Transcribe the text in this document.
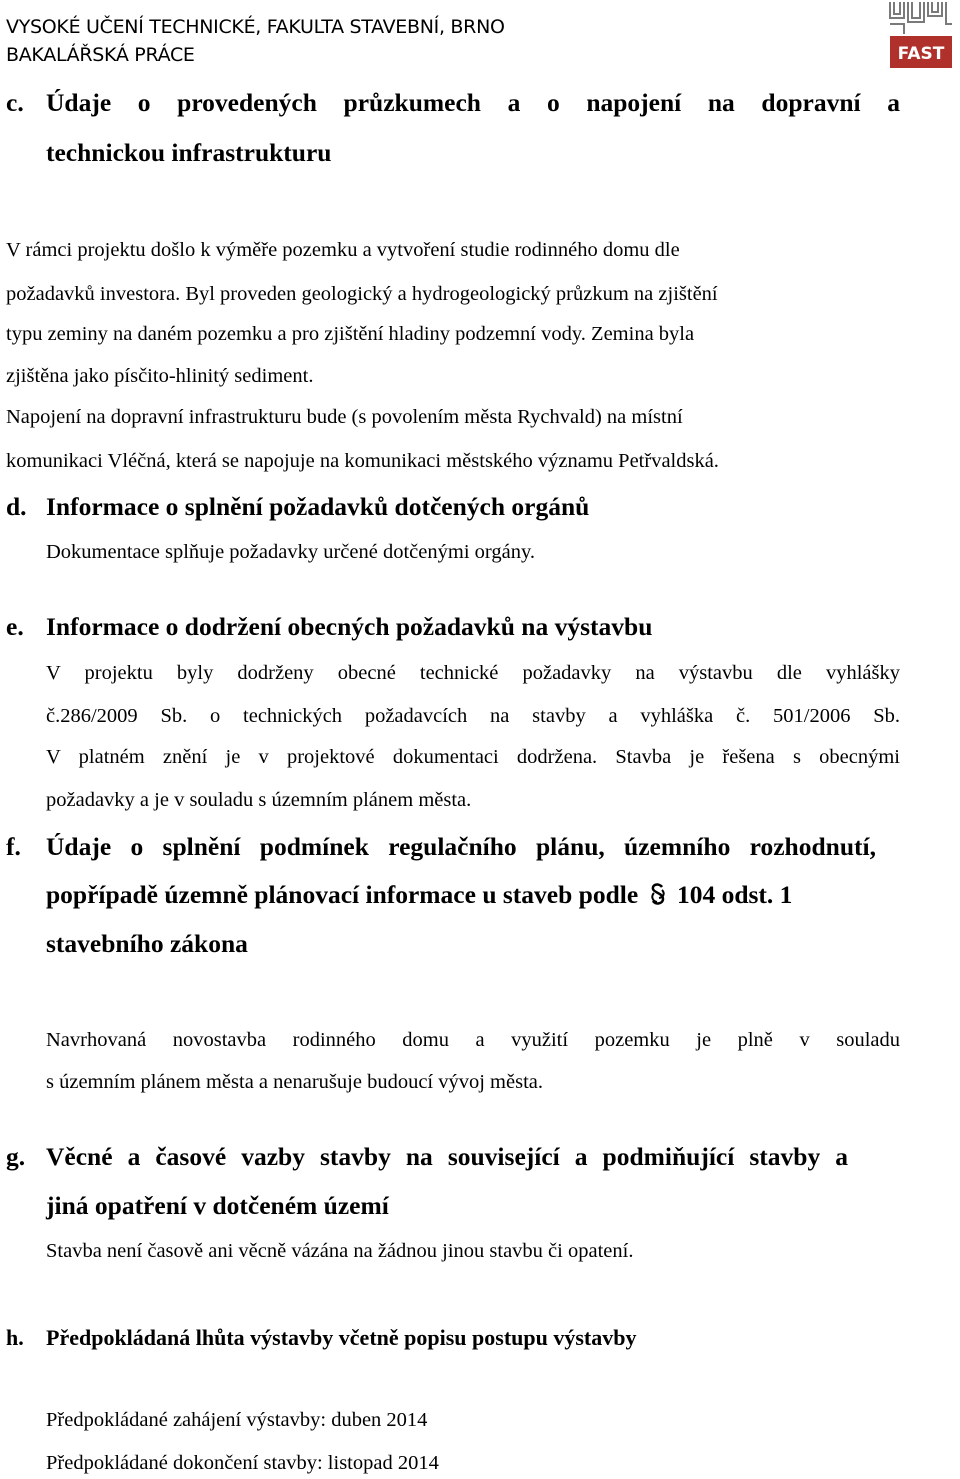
VYSOKÉ UČENÍ TECHNICKÉ, FAKULTA STAVEBNÍ, BRNO
BAKALÁŘSKÁ PRÁCE	FAST
c. Údaje o provedených průzkumech a o napojení na dopravní a
technickou infrastrukturu
V rámci projektu došlo k výměře pozemku a vytvoření studie rodinného domu dle
požadavků investora. Byl proveden geologický a hydrogeologický průzkum na zjištění
typu zeminy na daném pozemku a pro zjištění hladiny podzemní vody. Zemina byla
zjištěna jako písčito-hlinitý sediment.
Napojení na dopravní infrastrukturu bude (s povolením města Rychvald) na místní
komunikaci Vléčná, která se napojuje na komunikaci městského významu Petřvaldská.
d. Informace o splnění požadavků dotčených orgánů
Dokumentace splňuje požadavky určené dotčenými orgány.
e. Informace o dodržení obecných požadavků na výstavbu
V projektu byly dodrženy obecné technické požadavky na výstavbu dle vyhlášky
č.286/2009 Sb. o technických požadavcích na stavby a vyhláška č. 501/2006 Sb.
V platném znění je v projektové dokumentaci dodržena. Stavba je řešena s obecnými
požadavky a je v souladu s územním plánem města.
f. Údaje o splnění podmínek regulačního plánu, územního rozhodnutí,
popřípadě územně plánovací informace u staveb podle 104 odst. 1
stavebního zákona
Navrhovaná novostavba rodinného domu a využití pozemku je plně v souladu
s územním plánem města a nenarušuje budoucí vývoj města.
g. Věcné a časové vazby stavby na související a podmiňující stavby a
jiná opatření v dotčeném území
Stavba není časově ani věcně vázána na žádnou jinou stavbu či opatení.
h. Předpokládaná lhůta výstavby včetně popisu postupu výstavby
Předpokládané zahájení výstavby: duben 2014
Předpokládané dokončení stavby: listopad 2014
